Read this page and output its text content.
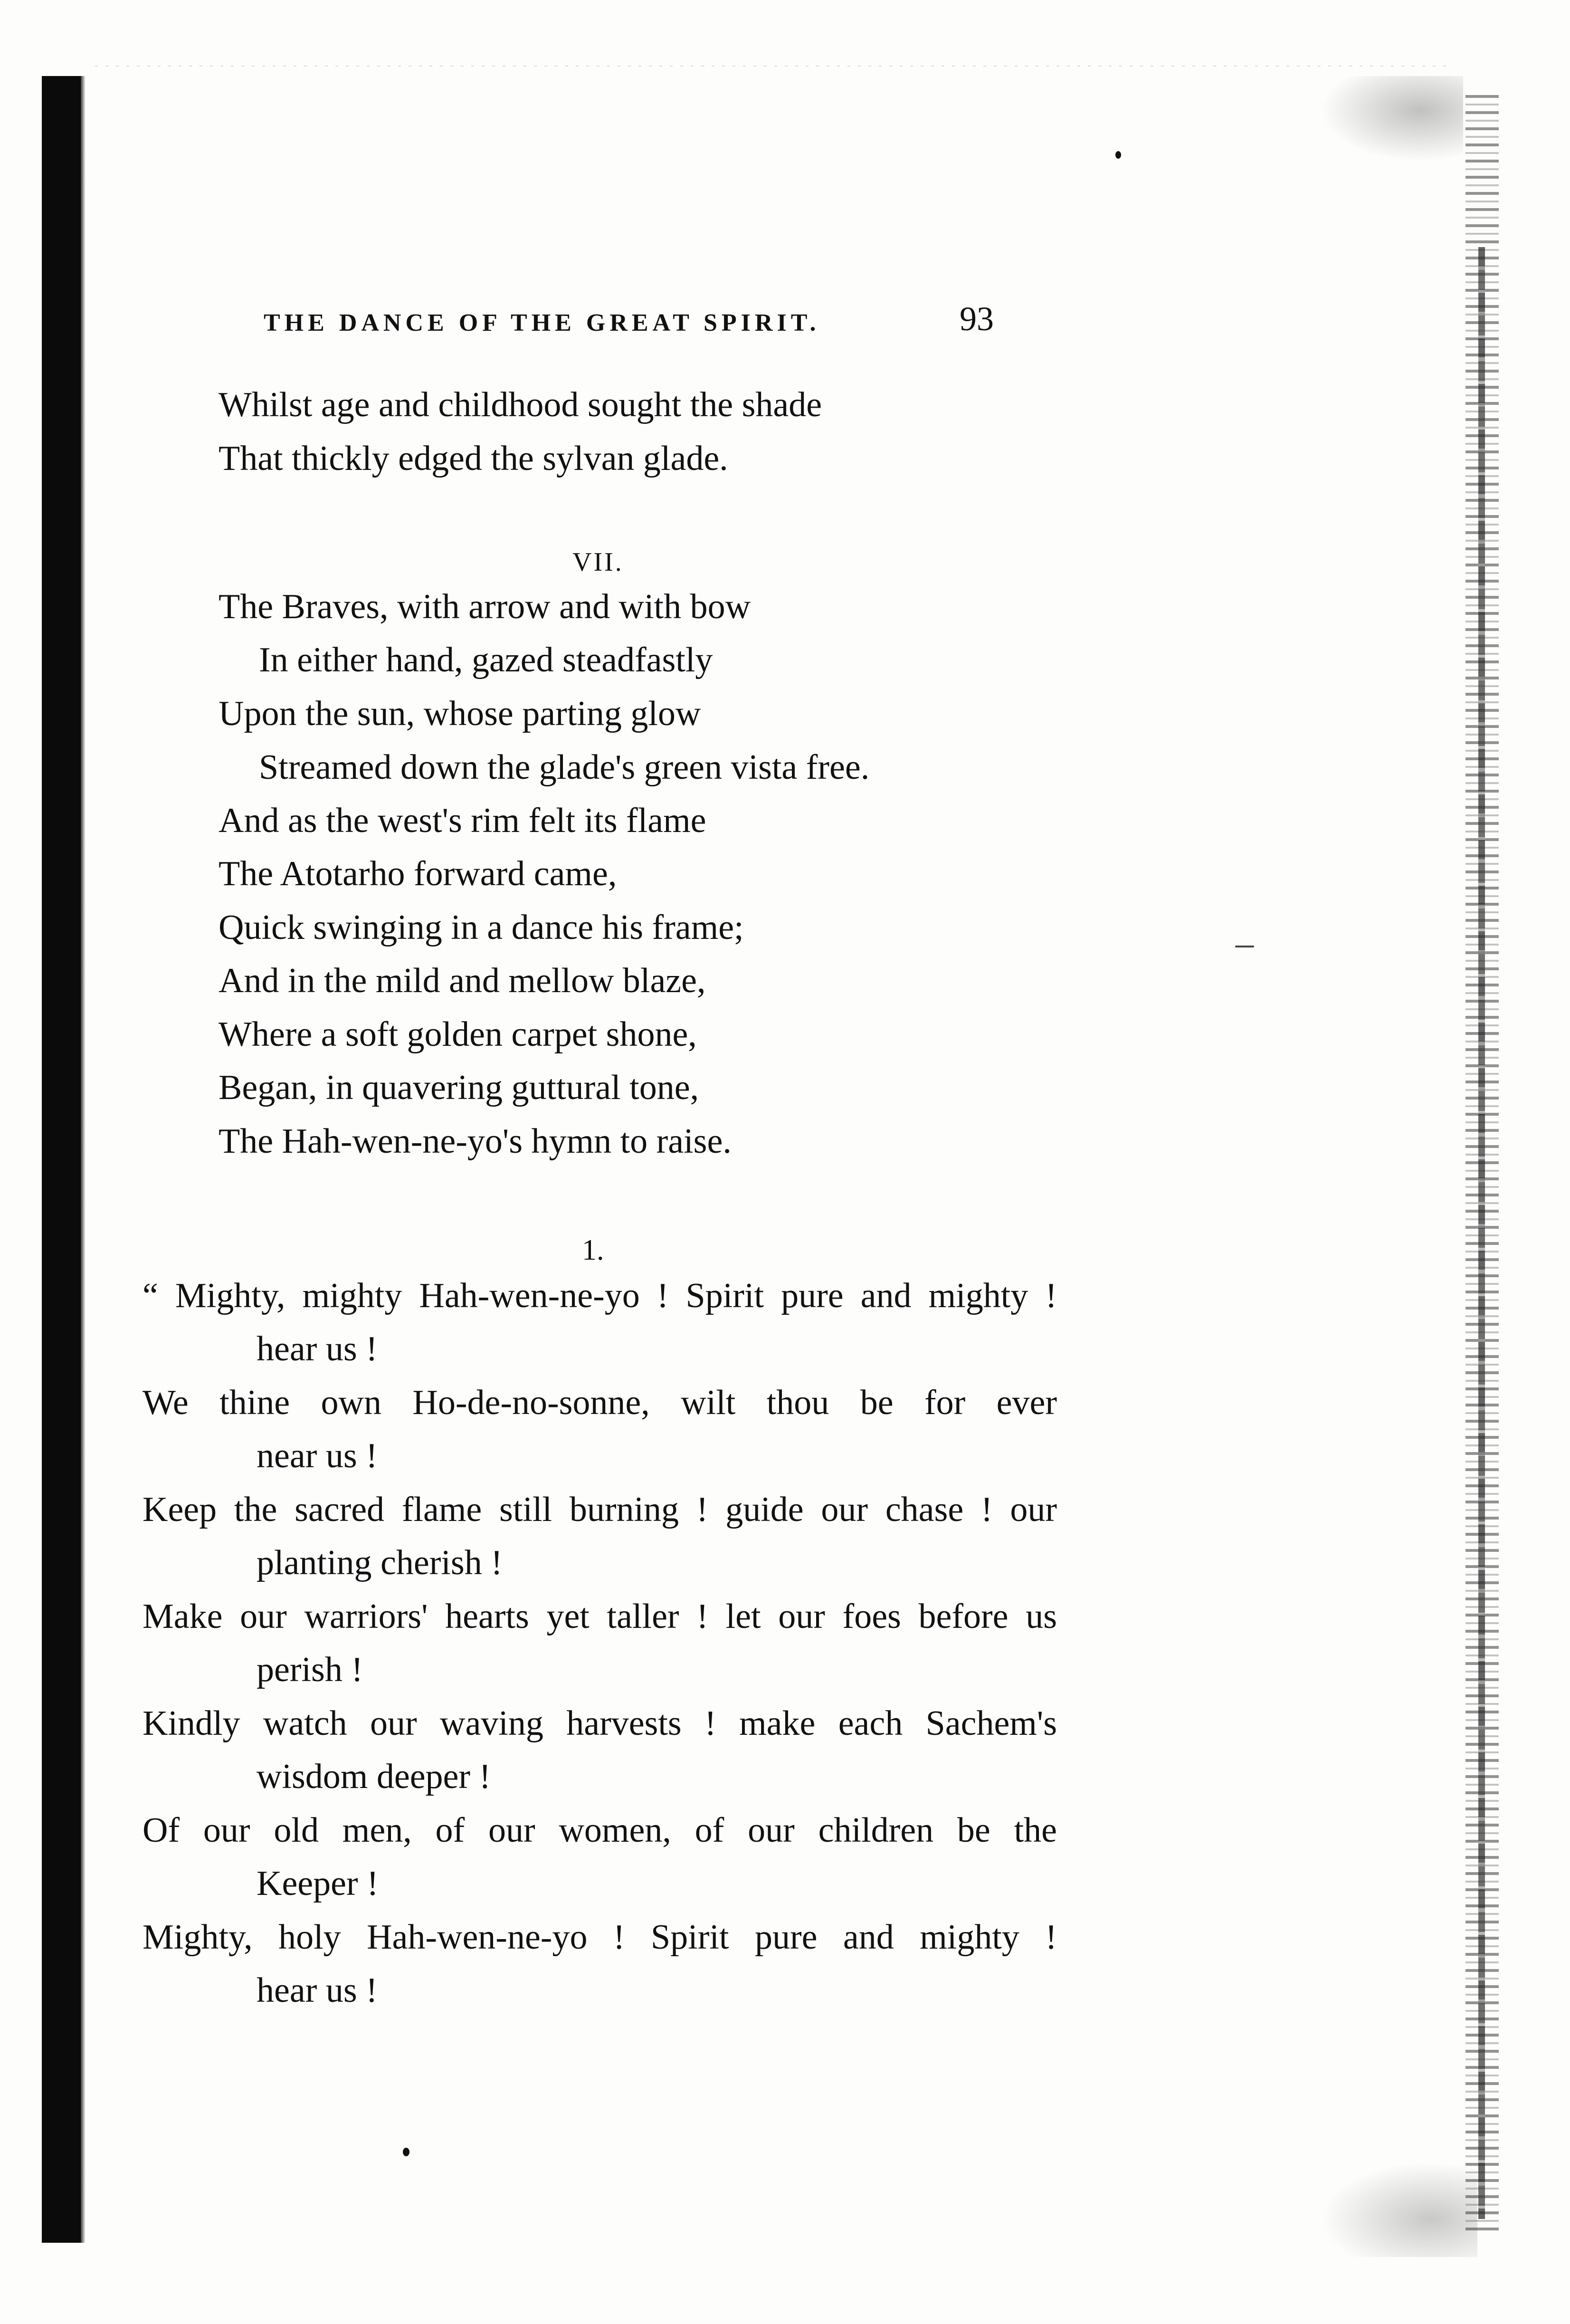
THE DANCE OF THE GREAT SPIRIT.	93
Whilst age and childhood sought the shade
That thickly edged the sylvan glade.
VII.
The Braves, with arrow and with bow
In either hand, gazed steadfastly
Upon the sun, whose parting glow
Streamed down the glade's green vista free.
And as the west's rim felt its flame
The Atotarho forward came,
Quick swinging in a dance his frame;
And in the mild and mellow blaze,
Where a soft golden carpet shone,
Began, in quavering guttural tone,
The Hah-wen-ne-yo's hymn to raise.
1.
“ Mighty, mighty Hah-wen-ne-yo ! Spirit pure and mighty !
hear us !
We thine own Ho-de-no-sonne, wilt thou be for ever
near us !
Keep the sacred flame still burning ! guide our chase ! our
planting cherish !
Make our warriors' hearts yet taller ! let our foes before us
perish !
Kindly watch our waving harvests ! make each Sachem's
wisdom deeper !
Of our old men, of our women, of our children be the
Keeper !
Mighty, holy Hah-wen-ne-yo ! Spirit pure and mighty !
hear us !
